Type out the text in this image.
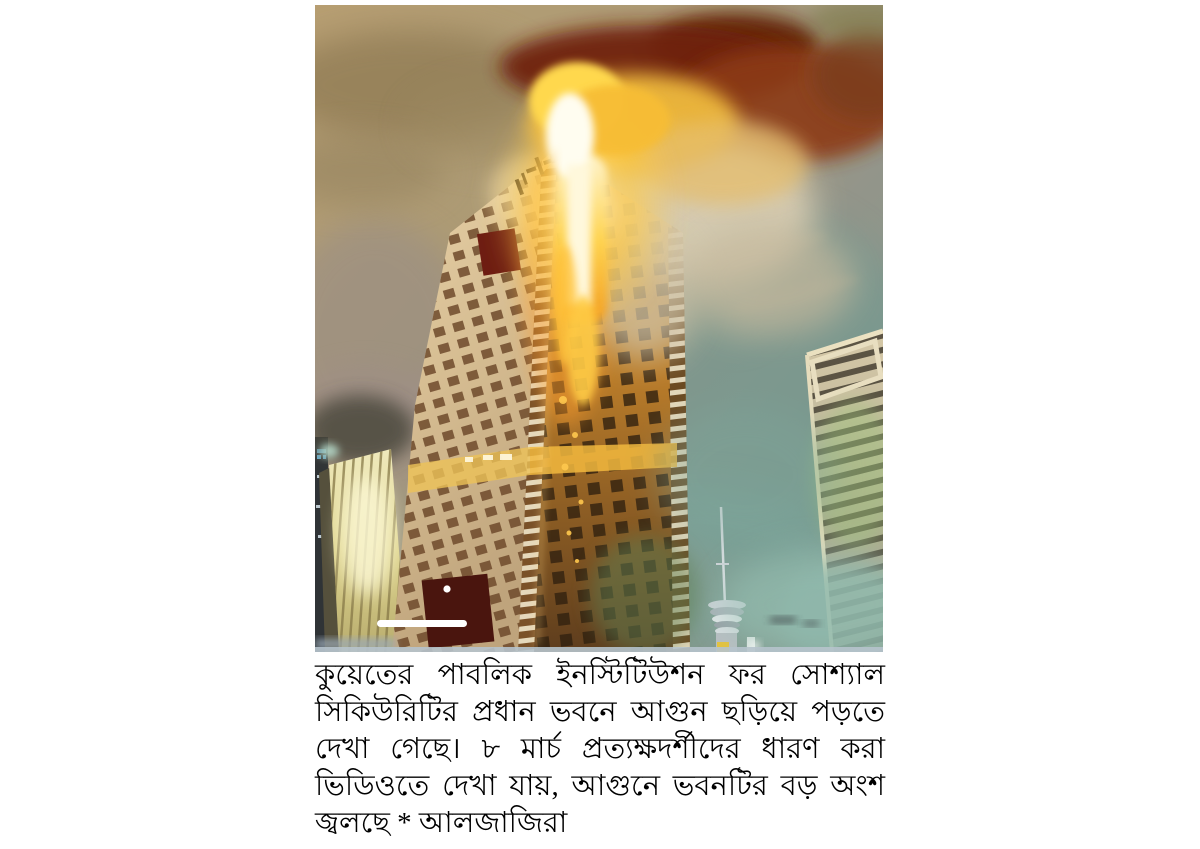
কুয়েতের পাবলিক ইনস্টিটিউশন ফর সোশ্যাল
সিকিউরিটির প্রধান ভবনে আগুন ছড়িয়ে পড়তে
দেখা গেছে। ৮ মার্চ প্রত্যক্ষদর্শীদের ধারণ করা
ভিডিওতে দেখা যায়, আগুনে ভবনটির বড় অংশ
জ্বলছে * আলজাজিরা
